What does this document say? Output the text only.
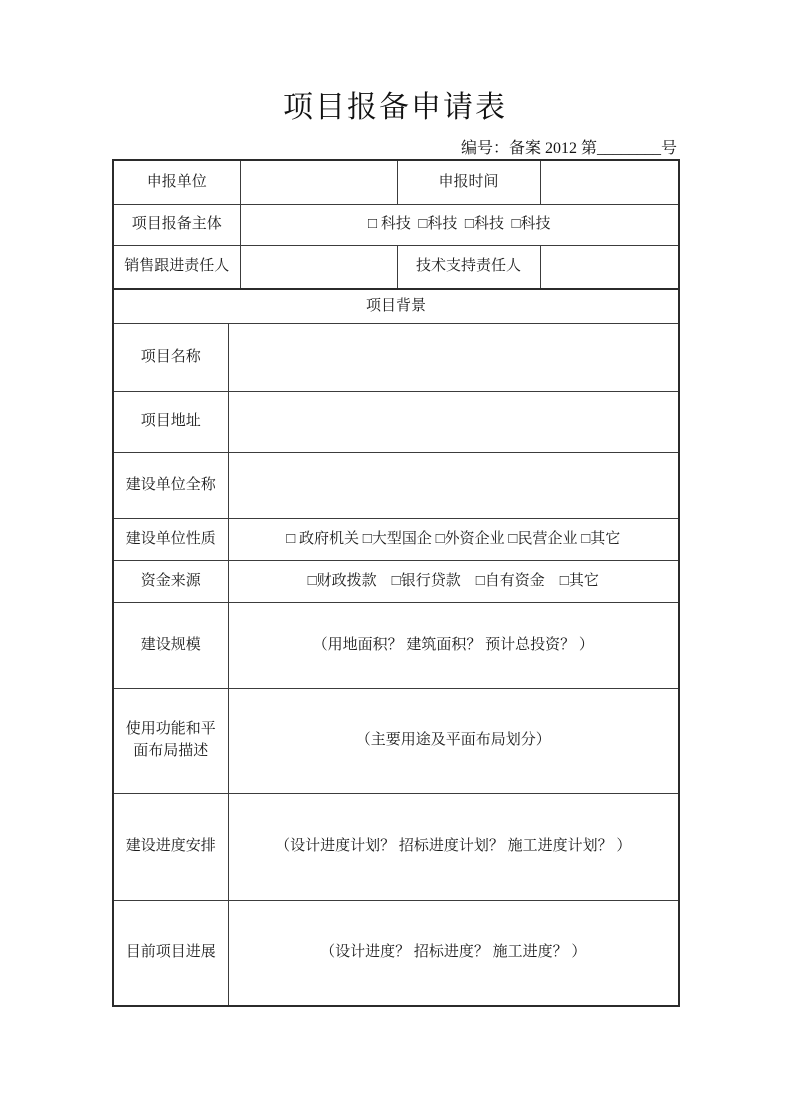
项目报备申请表
编号：备案 2012 第________号
申报单位			申报时间	
项目报备主体		□ 科技  □科技  □科技  □科技		
销售跟进责任人			技术支持责任人	
项目背景				
项目名称				
项目地址				
建设单位全称				
建设单位性质	□ 政府机关 □大型国企 □外资企业 □民营企业 □其它			
资金来源	□财政拨款    □银行贷款    □自有资金    □其它			
建设规模	（用地面积？ 建筑面积？ 预计总投资？ ）			
使用功能和平面布局描述	（主要用途及平面布局划分）			
建设进度安排	（设计进度计划？ 招标进度计划？ 施工进度计划？ ）			
目前项目进展	（设计进度？ 招标进度？ 施工进度？ ）			
